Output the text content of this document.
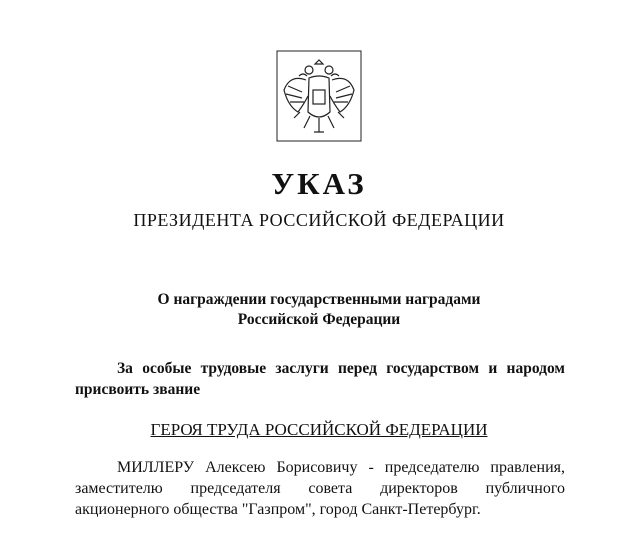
УКАЗ
ПРЕЗИДЕНТА РОССИЙСКОЙ ФЕДЕРАЦИИ
О награждении государственными наградами
Российской Федерации
За особые трудовые заслуги перед государством и народом
присвоить звание
ГЕРОЯ ТРУДА РОССИЙСКОЙ ФЕДЕРАЦИИ
МИЛЛЕРУ Алексею Борисовичу - председателю правления,
заместителю председателя совета директоров публичного
акционерного общества "Газпром", город Санкт-Петербург.
